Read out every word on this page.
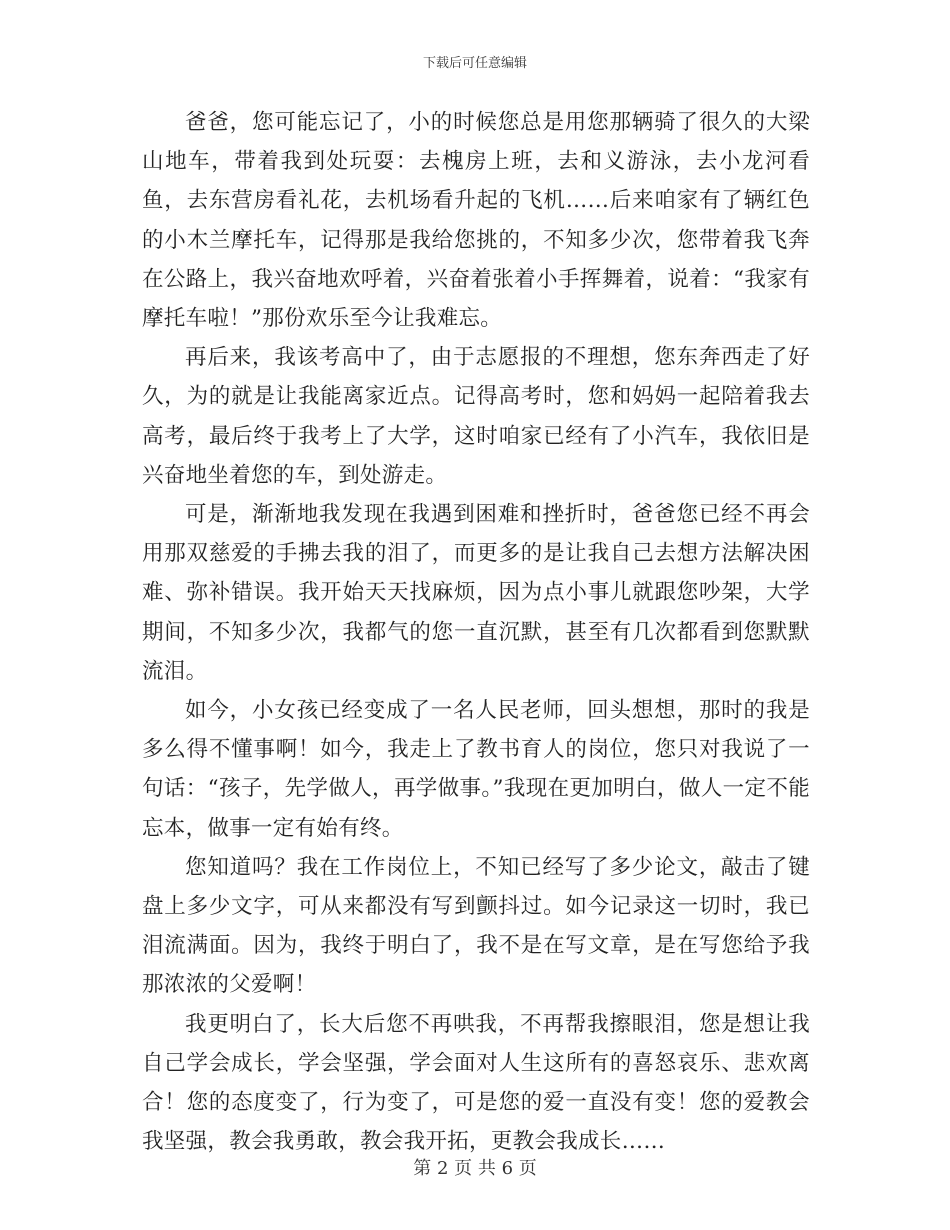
下载后可任意编辑

爸爸，您可能忘记了，小的时候您总是用您那辆骑了很久的大梁山地车，带着我到处玩耍：去槐房上班，去和义游泳，去小龙河看鱼，去东营房看礼花，去机场看升起的飞机……后来咱家有了辆红色的小木兰摩托车，记得那是我给您挑的，不知多少次，您带着我飞奔在公路上，我兴奋地欢呼着，兴奋着张着小手挥舞着，说着：“我家有摩托车啦！”那份欢乐至今让我难忘。

再后来，我该考高中了，由于志愿报的不理想，您东奔西走了好久，为的就是让我能离家近点。记得高考时，您和妈妈一起陪着我去高考，最后终于我考上了大学，这时咱家已经有了小汽车，我依旧是兴奋地坐着您的车，到处游走。

可是，渐渐地我发现在我遇到困难和挫折时，爸爸您已经不再会用那双慈爱的手拂去我的泪了，而更多的是让我自己去想方法解决困难、弥补错误。我开始天天找麻烦，因为点小事儿就跟您吵架，大学期间，不知多少次，我都气的您一直沉默，甚至有几次都看到您默默流泪。

如今，小女孩已经变成了一名人民老师，回头想想，那时的我是多么得不懂事啊！如今，我走上了教书育人的岗位，您只对我说了一句话：“孩子，先学做人，再学做事。”我现在更加明白，做人一定不能忘本，做事一定有始有终。

您知道吗？我在工作岗位上，不知已经写了多少论文，敲击了键盘上多少文字，可从来都没有写到颤抖过。如今记录这一切时，我已泪流满面。因为，我终于明白了，我不是在写文章，是在写您给予我那浓浓的父爱啊！

我更明白了，长大后您不再哄我，不再帮我擦眼泪，您是想让我自己学会成长，学会坚强，学会面对人生这所有的喜怒哀乐、悲欢离合！您的态度变了，行为变了，可是您的爱一直没有变！您的爱教会我坚强，教会我勇敢，教会我开拓，更教会我成长……

第 2 页 共 6 页
